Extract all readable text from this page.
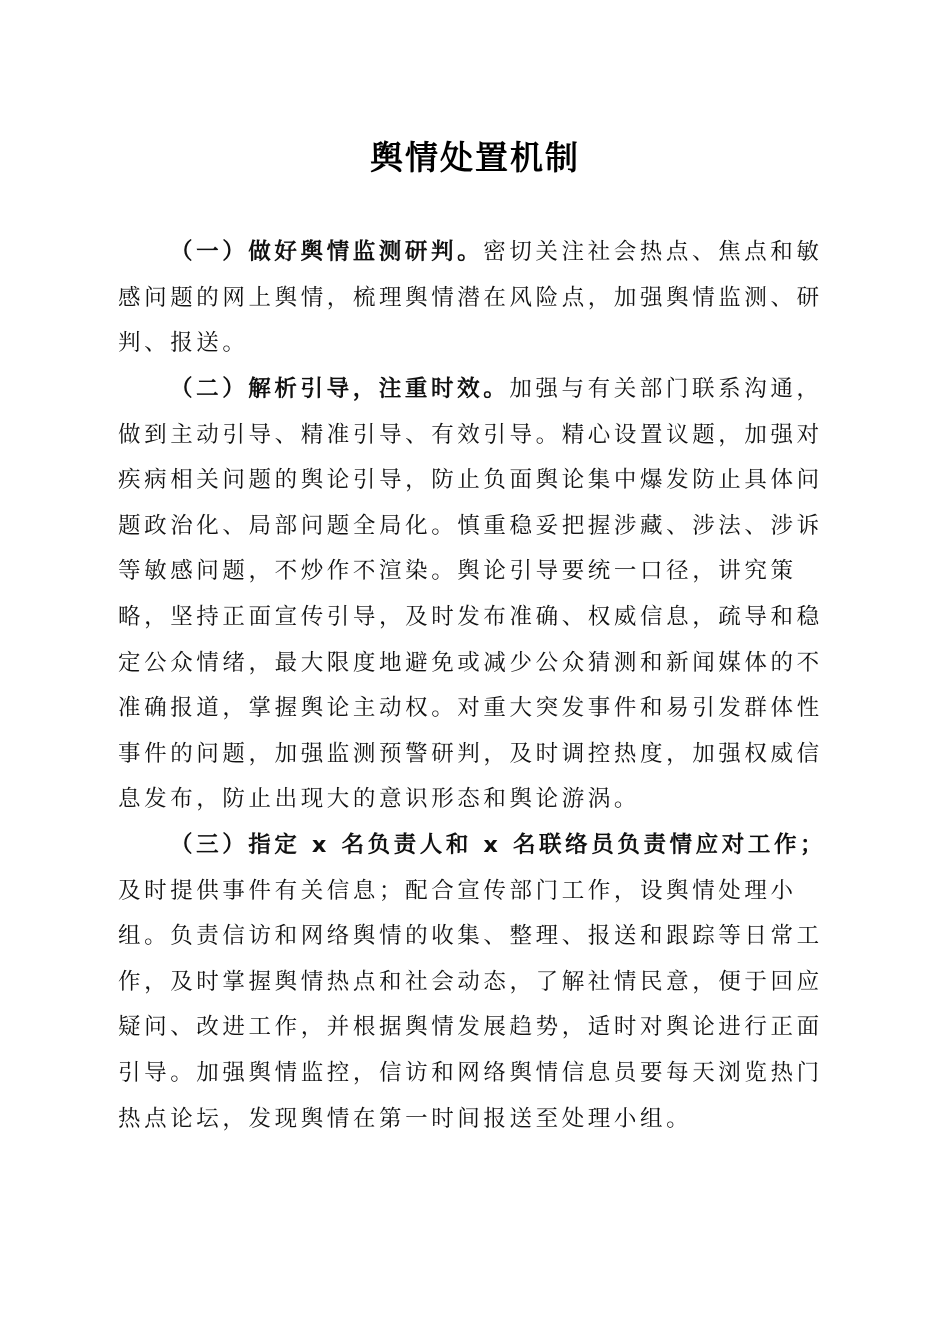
舆情处置机制

（一）做好舆情监测研判。密切关注社会热点、焦点和敏感问题的网上舆情，梳理舆情潜在风险点，加强舆情监测、研判、报送。

（二）解析引导，注重时效。加强与有关部门联系沟通，做到主动引导、精准引导、有效引导。精心设置议题，加强对疾病相关问题的舆论引导，防止负面舆论集中爆发防止具体问题政治化、局部问题全局化。慎重稳妥把握涉藏、涉法、涉诉等敏感问题，不炒作不渲染。舆论引导要统一口径，讲究策略，坚持正面宣传引导，及时发布准确、权威信息，疏导和稳定公众情绪，最大限度地避免或减少公众猜测和新闻媒体的不准确报道，掌握舆论主动权。对重大突发事件和易引发群体性事件的问题，加强监测预警研判，及时调控热度，加强权威信息发布，防止出现大的意识形态和舆论游涡。

（三）指定 x 名负责人和 x 名联络员负责情应对工作；及时提供事件有关信息；配合宣传部门工作，设舆情处理小组。负责信访和网络舆情的收集、整理、报送和跟踪等日常工作，及时掌握舆情热点和社会动态，了解社情民意，便于回应疑问、改进工作，并根据舆情发展趋势，适时对舆论进行正面引导。加强舆情监控，信访和网络舆情信息员要每天浏览热门热点论坛，发现舆情在第一时间报送至处理小组。
